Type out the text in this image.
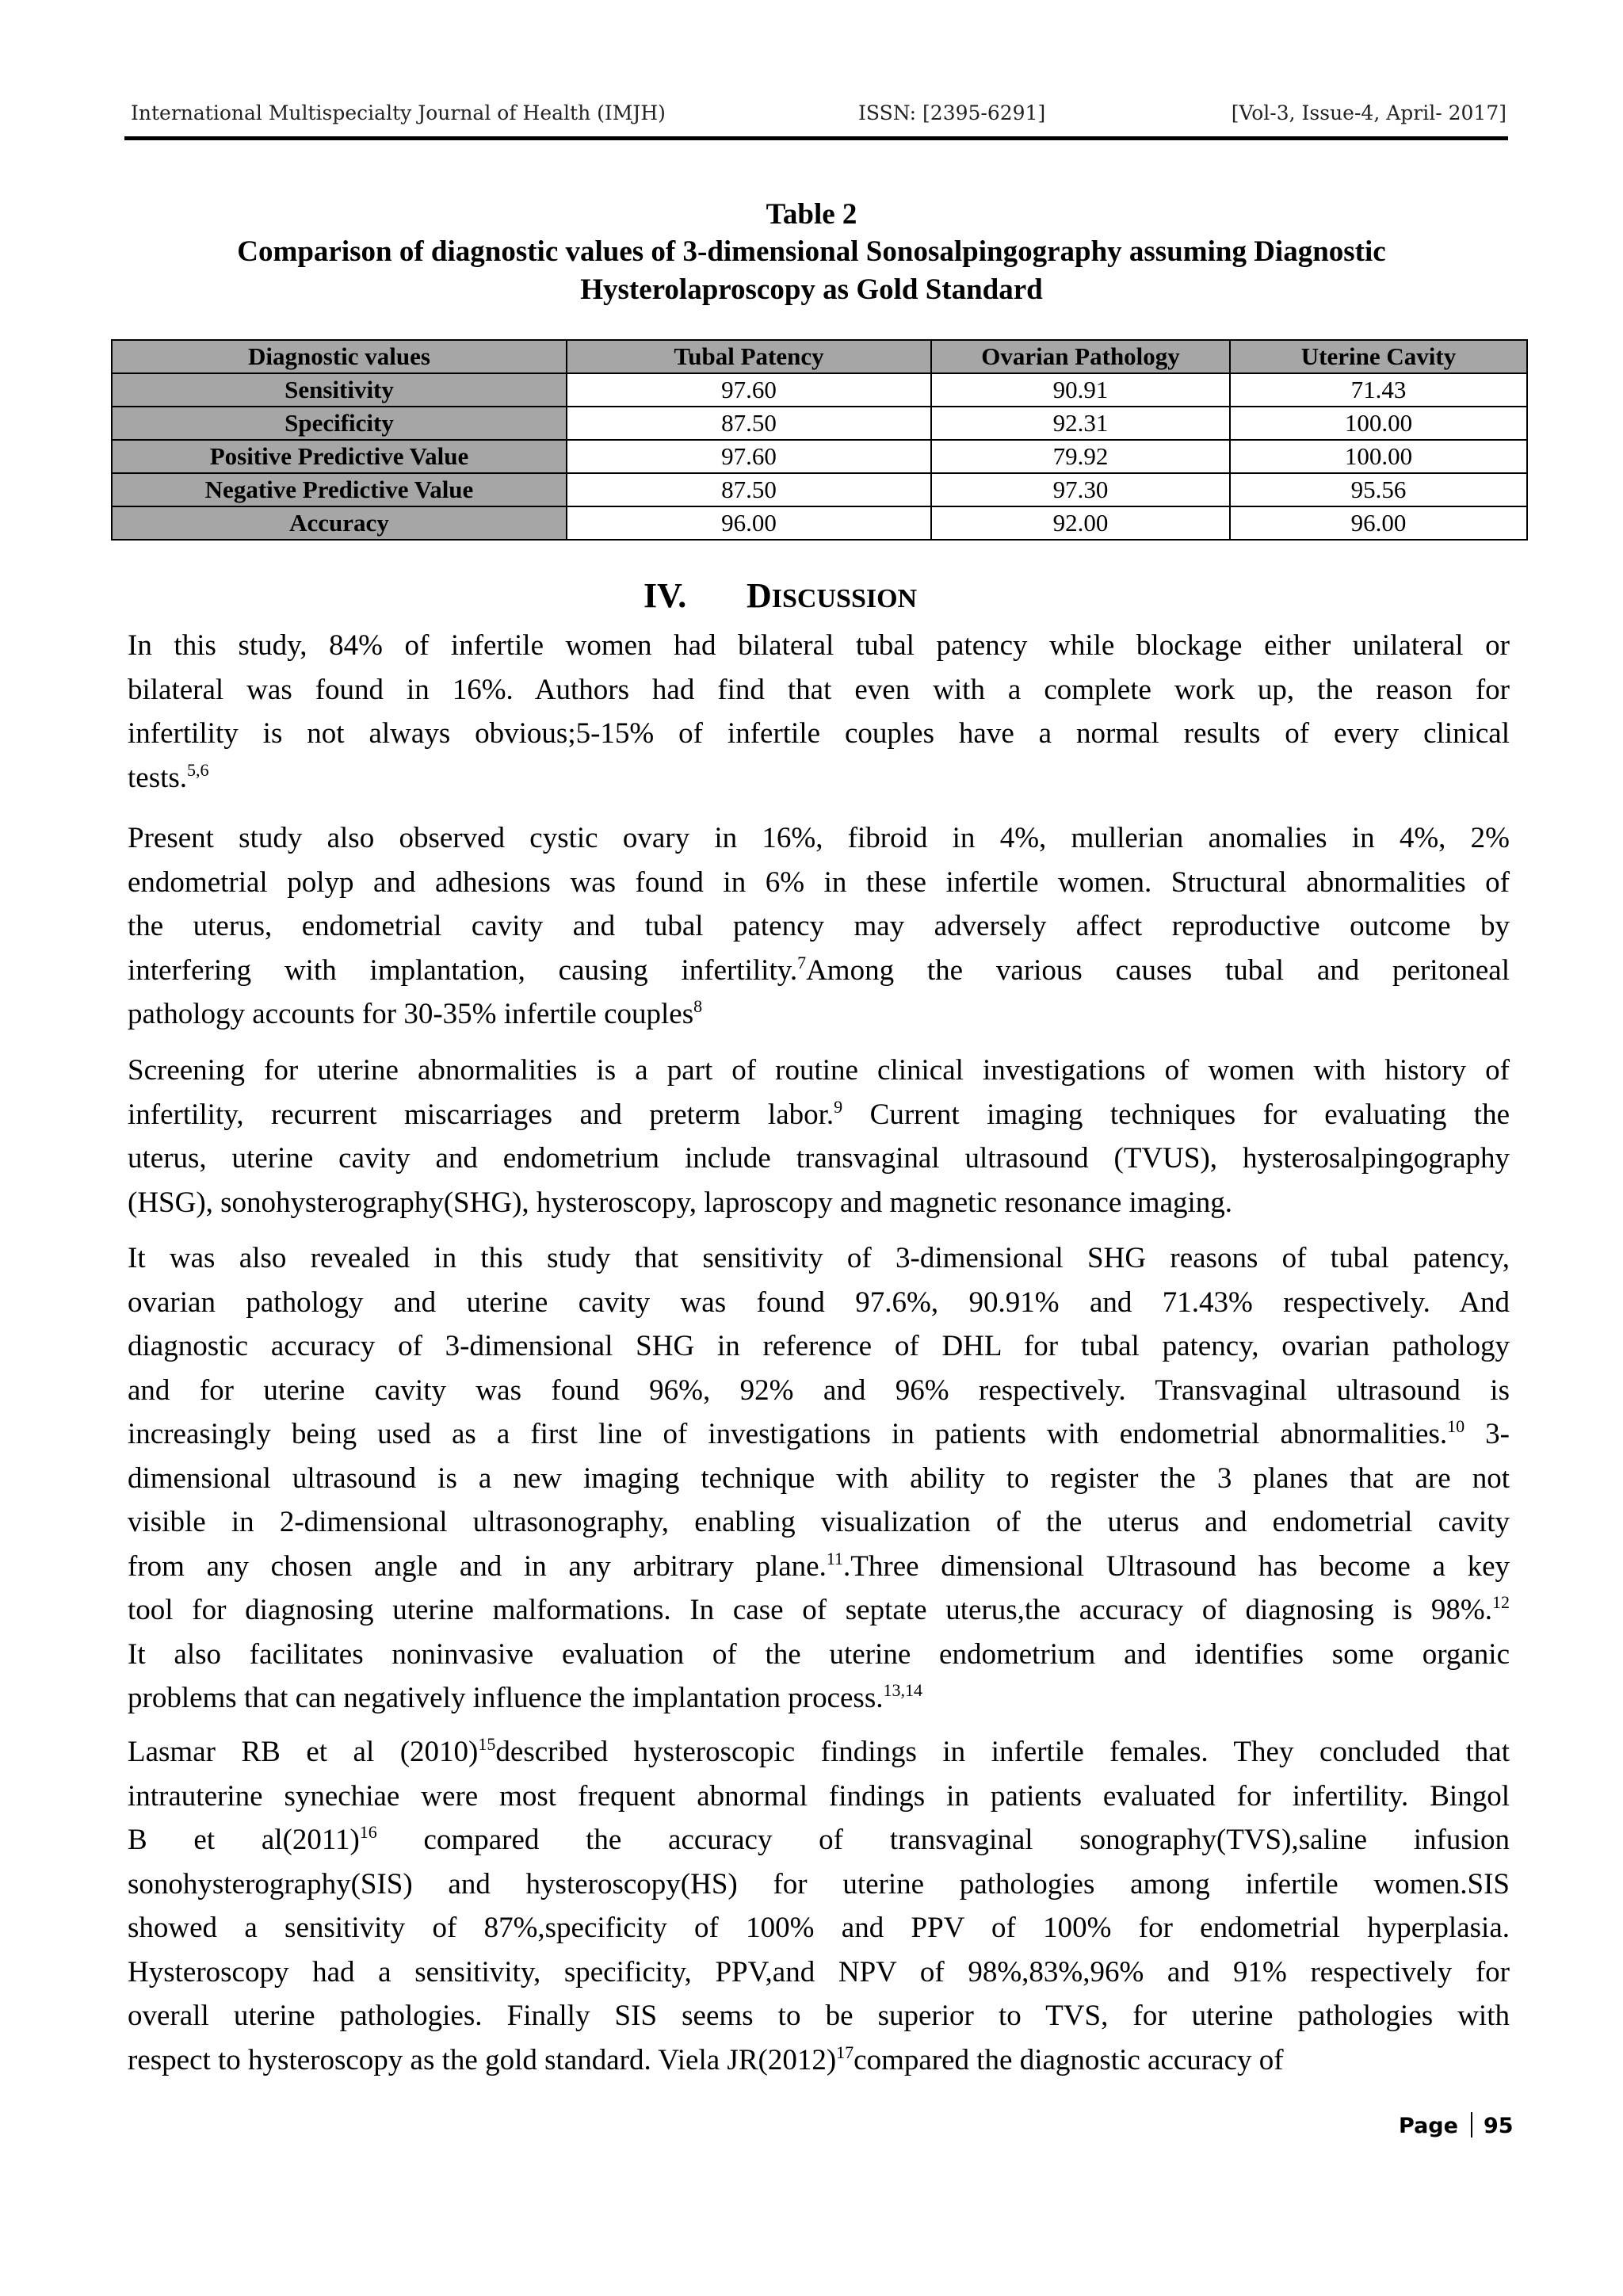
International Multispecialty Journal of Health (IMJH)	ISSN: [2395-6291]	[Vol-3, Issue-4, April- 2017]
Table 2
Comparison of diagnostic values of 3-dimensional Sonosalpingography assuming Diagnostic
Hysterolaproscopy as Gold Standard
Diagnostic values	Tubal Patency	Ovarian Pathology	Uterine Cavity
Sensitivity	97.60	90.91	71.43
Specificity	87.50	92.31	100.00
Positive Predictive Value	97.60	79.92	100.00
Negative Predictive Value	87.50	97.30	95.56
Accuracy	96.00	92.00	96.00
IV. DISCUSSION
In this study, 84% of infertile women had bilateral tubal patency while blockage either unilateral or
bilateral was found in 16%. Authors had find that even with a complete work up, the reason for
infertility is not always obvious;5-15% of infertile couples have a normal results of every clinical
tests.$^{5,6}$
Present study also observed cystic ovary in 16%, fibroid in 4%, mullerian anomalies in 4%, 2%
endometrial polyp and adhesions was found in 6% in these infertile women. Structural abnormalities of
the uterus, endometrial cavity and tubal patency may adversely affect reproductive outcome by
interfering with implantation, causing infertility.$^7$Among the various causes tubal and peritoneal
pathology accounts for 30-35% infertile couples$^8$
Screening for uterine abnormalities is a part of routine clinical investigations of women with history of
infertility, recurrent miscarriages and preterm labor.$^9$ Current imaging techniques for evaluating the
uterus, uterine cavity and endometrium include transvaginal ultrasound (TVUS), hysterosalpingography
(HSG), sonohysterography(SHG), hysteroscopy, laproscopy and magnetic resonance imaging.
It was also revealed in this study that sensitivity of 3-dimensional SHG reasons of tubal patency,
ovarian pathology and uterine cavity was found 97.6%, 90.91% and 71.43% respectively. And
diagnostic accuracy of 3-dimensional SHG in reference of DHL for tubal patency, ovarian pathology
and for uterine cavity was found 96%, 92% and 96% respectively. Transvaginal ultrasound is
increasingly being used as a first line of investigations in patients with endometrial abnormalities.$^{10}$ 3-
dimensional ultrasound is a new imaging technique with ability to register the 3 planes that are not
visible in 2-dimensional ultrasonography, enabling visualization of the uterus and endometrial cavity
from any chosen angle and in any arbitrary plane.$^{11}$.Three dimensional Ultrasound has become a key
tool for diagnosing uterine malformations. In case of septate uterus,the accuracy of diagnosing is 98%.$^{12}$
It also facilitates noninvasive evaluation of the uterine endometrium and identifies some organic
problems that can negatively influence the implantation process.$^{13,14}$
Lasmar RB et al $(2010)^{15}described$ hysteroscopic findings in infertile females. They concluded that
intrauterine synechiae were most frequent abnormal findings in patients evaluated for infertility. Bingol
B et $al(2011)^{16}$ compared the accuracy of transvaginal sonography(TVS),saline infusion
sonohysterography(SIS) and hysteroscopy(HS) for uterine pathologies among infertile women.SIS
showed a sensitivity of 87%,specificity of 100% and PPV of 100% for endometrial hyperplasia.
Hysteroscopy had a sensitivity, specificity, PPV,and NPV of 98%,83%,96% and 91% respectively for
overall uterine pathologies. Finally SIS seems to be superior to TVS, for uterine pathologies with
respect to hysteroscopy as the gold standard. Viela $JR(2012)^{17}compared$ the diagnostic accuracy of
Page 95
